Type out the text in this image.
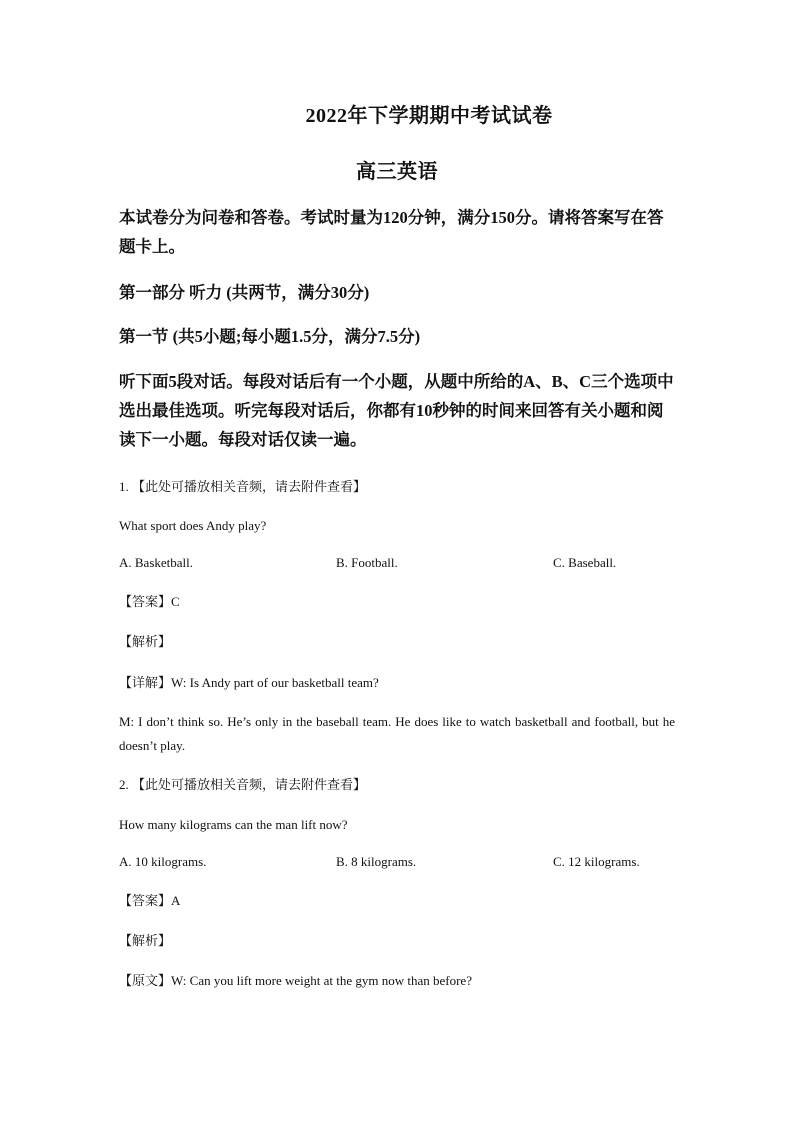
2022年下学期期中考试试卷
高三英语
本试卷分为问卷和答卷。考试时量为120分钟，满分150分。请将答案写在答题卡上。
第一部分 听力 (共两节，满分30分)
第一节 (共5小题;每小题1.5分，满分7.5分)
听下面5段对话。每段对话后有一个小题，从题中所给的A、B、C三个选项中选出最佳选项。听完每段对话后，你都有10秒钟的时间来回答有关小题和阅读下一小题。每段对话仅读一遍。
1. 【此处可播放相关音频，请去附件查看】
What sport does Andy play?
A. Basketball.	B. Football.	C. Baseball.
【答案】C
【解析】
【详解】W: Is Andy part of our basketball team?
M: I don’t think so. He’s only in the baseball team. He does like to watch basketball and football, but he doesn’t play.
2. 【此处可播放相关音频，请去附件查看】
How many kilograms can the man lift now?
A. 10 kilograms.	B. 8 kilograms.	C. 12 kilograms.
【答案】A
【解析】
【原文】W: Can you lift more weight at the gym now than before?
